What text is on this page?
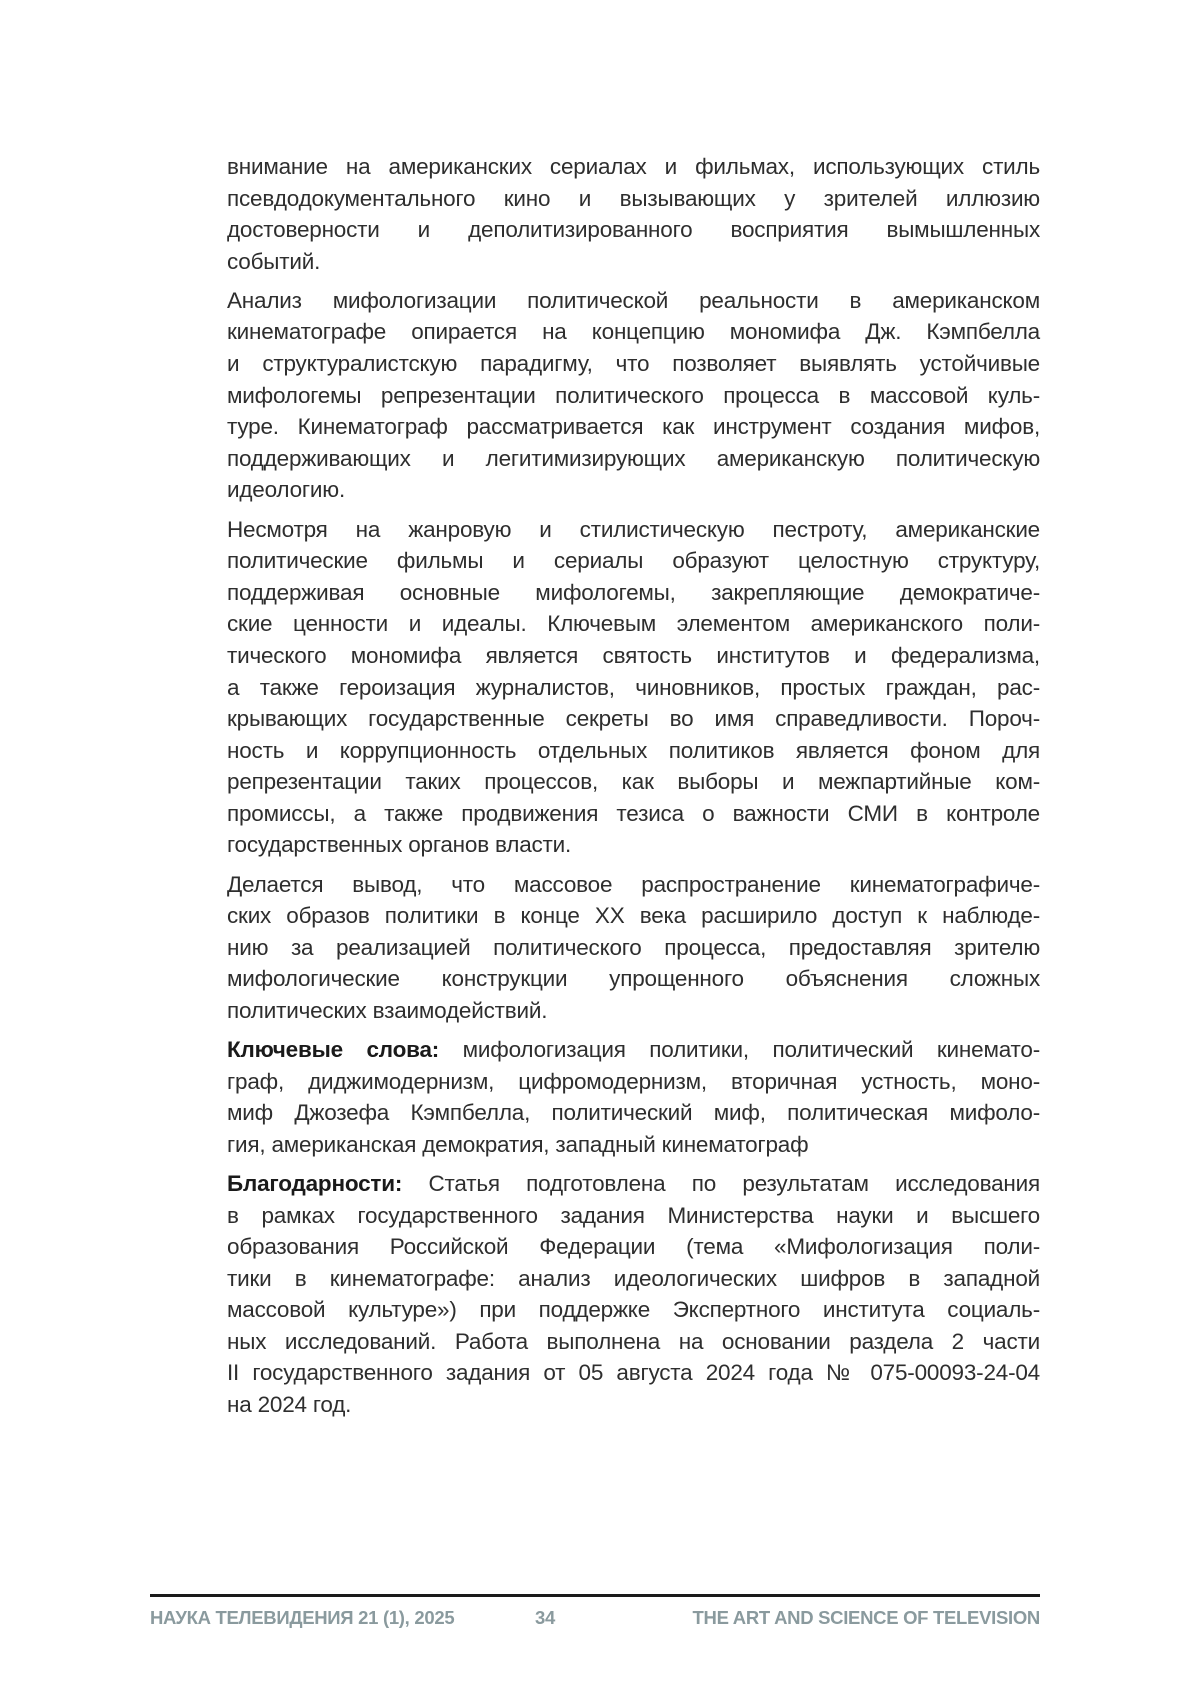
внимание на американских сериалах и фильмах, использующих стиль
псевдодокументального кино и вызывающих у зрителей иллюзию
достоверности и деполитизированного восприятия вымышленных
событий.
Анализ мифологизации политической реальности в американском
кинематографе опирается на концепцию мономифа Дж. Кэмпбелла
и структуралистскую парадигму, что позволяет выявлять устойчивые
мифологемы репрезентации политического процесса в массовой куль-
туре. Кинематограф рассматривается как инструмент создания мифов,
поддерживающих и легитимизирующих американскую политическую
идеологию.
Несмотря на жанровую и стилистическую пестроту, американские
политические фильмы и сериалы образуют целостную структуру,
поддерживая основные мифологемы, закрепляющие демократиче-
ские ценности и идеалы. Ключевым элементом американского поли-
тического мономифа является святость институтов и федерализма,
а также героизация журналистов, чиновников, простых граждан, рас-
крывающих государственные секреты во имя справедливости. Пороч-
ность и коррупционность отдельных политиков является фоном для
репрезентации таких процессов, как выборы и межпартийные ком-
промиссы, а также продвижения тезиса о важности СМИ в контроле
государственных органов власти.
Делается вывод, что массовое распространение кинематографиче-
ских образов политики в конце XX века расширило доступ к наблюде-
нию за реализацией политического процесса, предоставляя зрителю
мифологические конструкции упрощенного объяснения сложных
политических взаимодействий.
Ключевые слова: мифологизация политики, политический кинемато-
граф, диджимодернизм, цифромодернизм, вторичная устность, моно-
миф Джозефа Кэмпбелла, политический миф, политическая мифоло-
гия, американская демократия, западный кинематограф
Благодарности: Статья подготовлена по результатам исследования
в рамках государственного задания Министерства науки и высшего
образования Российской Федерации (тема «Мифологизация поли-
тики в кинематографе: анализ идеологических шифров в западной
массовой культуре») при поддержке Экспертного института социаль-
ных исследований. Работа выполнена на основании раздела 2 части
II государственного задания от 05 августа 2024 года № 075-00093-24-04
на 2024 год.
НАУКА ТЕЛЕВИДЕНИЯ 21 (1), 2025	34	THE ART AND SCIENCE OF TELEVISION
